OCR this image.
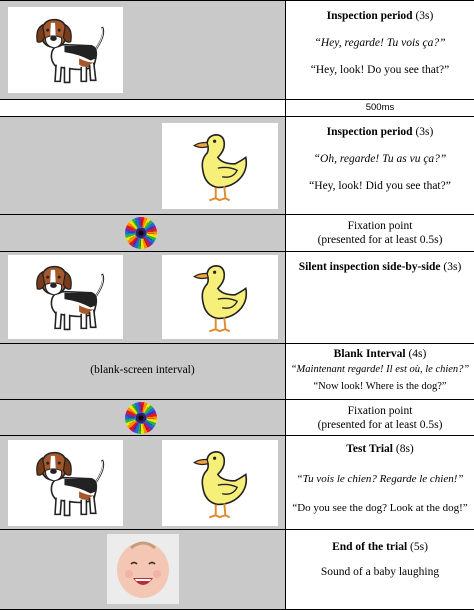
Inspection period (3s)
“Hey, regarde! Tu vois ça?”
“Hey, look! Do you see that?”
500ms
Inspection period (3s)
“Oh, regarde! Tu as vu ça?”
“Hey, look! Did you see that?”
Fixation point
(presented for at least 0.5s)
Silent inspection side-by-side (3s)
(blank-screen interval)
Blank Interval (4s)
“Maintenant regarde! Il est où, le chien?”
“Now look! Where is the dog?”
Fixation point
(presented for at least 0.5s)
Test Trial (8s)
“Tu vois le chien? Regarde le chien!”
“Do you see the dog? Look at the dog!”
End of the trial (5s)
Sound of a baby laughing
